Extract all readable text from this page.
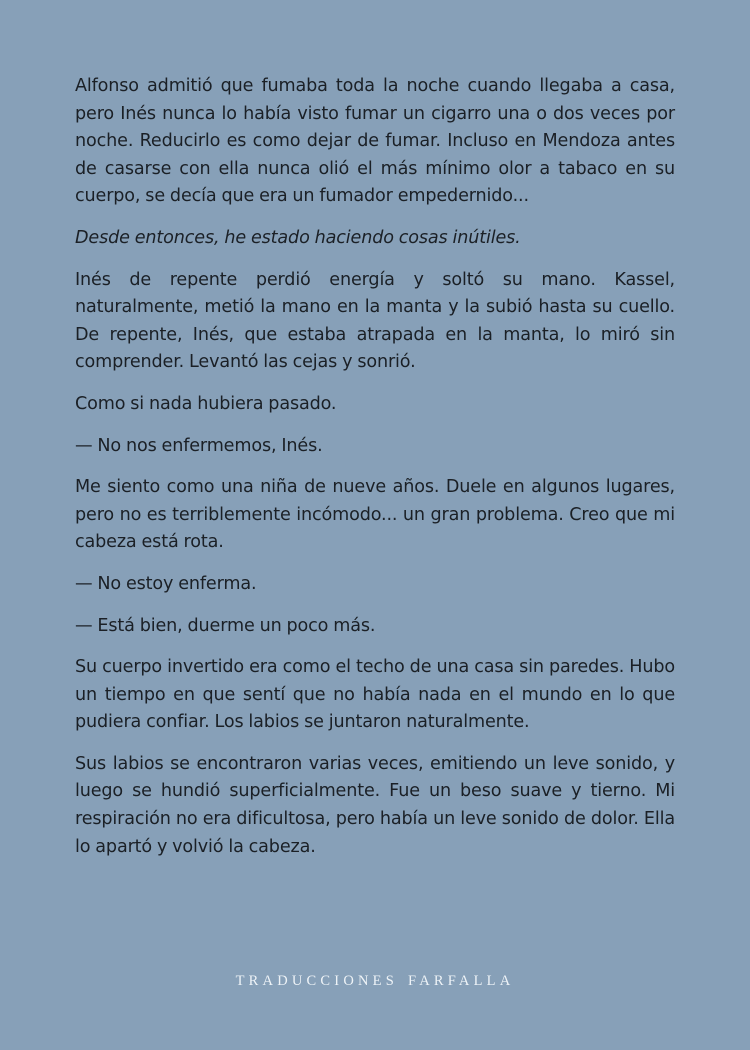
Alfonso admitió que fumaba toda la noche cuando llegaba a casa, pero Inés nunca lo había visto fumar un cigarro una o dos veces por noche. Reducirlo es como dejar de fumar. Incluso en Mendoza antes de casarse con ella nunca olió el más mínimo olor a tabaco en su cuerpo, se decía que era un fumador empedernido...

Desde entonces, he estado haciendo cosas inútiles.

Inés de repente perdió energía y soltó su mano. Kassel, naturalmente, metió la mano en la manta y la subió hasta su cuello. De repente, Inés, que estaba atrapada en la manta, lo miró sin comprender. Levantó las cejas y sonrió.

Como si nada hubiera pasado.

— No nos enfermemos, Inés.

Me siento como una niña de nueve años. Duele en algunos lugares, pero no es terriblemente incómodo... un gran problema. Creo que mi cabeza está rota.

— No estoy enferma.

— Está bien, duerme un poco más.

Su cuerpo invertido era como el techo de una casa sin paredes. Hubo un tiempo en que sentí que no había nada en el mundo en lo que pudiera confiar. Los labios se juntaron naturalmente.

Sus labios se encontraron varias veces, emitiendo un leve sonido, y luego se hundió superficialmente. Fue un beso suave y tierno. Mi respiración no era dificultosa, pero había un leve sonido de dolor. Ella lo apartó y volvió la cabeza.

TRADUCCIONES FARFALLA
